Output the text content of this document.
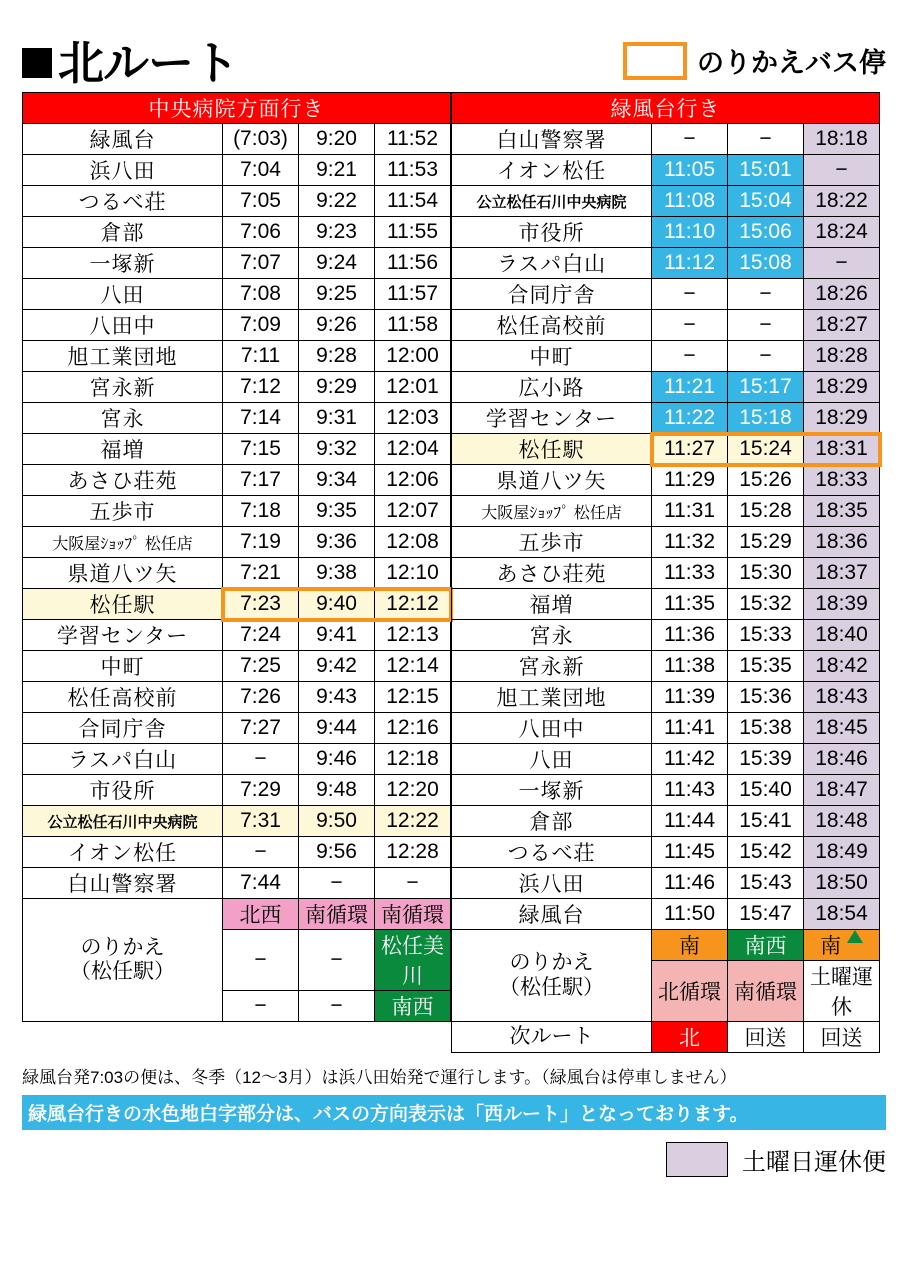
北ルート	のりかえバス停
中央病院方面行き			
緑風台	(7:03)	9:20	11:52
浜八田	7:04	9:21	11:53
つるべ荘	7:05	9:22	11:54
倉部	7:06	9:23	11:55
一塚新	7:07	9:24	11:56
八田	7:08	9:25	11:57
八田中	7:09	9:26	11:58
旭工業団地	7:11	9:28	12:00
宮永新	7:12	9:29	12:01
宮永	7:14	9:31	12:03
福増	7:15	9:32	12:04
あさひ荘苑	7:17	9:34	12:06
五歩市	7:18	9:35	12:07
大阪屋ｼｮｯﾌﾟ 松任店	7:19	9:36	12:08
県道八ツ矢	7:21	9:38	12:10
松任駅	7:23	9:40	12:12
学習センター	7:24	9:41	12:13
中町	7:25	9:42	12:14
松任高校前	7:26	9:43	12:15
合同庁舎	7:27	9:44	12:16
ラスパ白山	−	9:46	12:18
市役所	7:29	9:48	12:20
公立松任石川中央病院	7:31	9:50	12:22
イオン松任	−	9:56	12:28
白山警察署	7:44	−	−
のりかえ
（松任駅）	北西	南循環	南循環
	−	−	松任美川
	−	−	南西
緑風台行き			
白山警察署	−	−	18:18
イオン松任	11:05	15:01	−
公立松任石川中央病院	11:08	15:04	18:22
市役所	11:10	15:06	18:24
ラスパ白山	11:12	15:08	−
合同庁舎	−	−	18:26
松任高校前	−	−	18:27
中町	−	−	18:28
広小路	11:21	15:17	18:29
学習センター	11:22	15:18	18:29
松任駅	11:27	15:24	18:31
県道八ツ矢	11:29	15:26	18:33
大阪屋ｼｮｯﾌﾟ 松任店	11:31	15:28	18:35
五歩市	11:32	15:29	18:36
あさひ荘苑	11:33	15:30	18:37
福増	11:35	15:32	18:39
宮永	11:36	15:33	18:40
宮永新	11:38	15:35	18:42
旭工業団地	11:39	15:36	18:43
八田中	11:41	15:38	18:45
八田	11:42	15:39	18:46
一塚新	11:43	15:40	18:47
倉部	11:44	15:41	18:48
つるべ荘	11:45	15:42	18:49
浜八田	11:46	15:43	18:50
緑風台	11:50	15:47	18:54
のりかえ
（松任駅）	南	南西	南
	北循環	南循環	土曜運休
次ルート	北	回送	回送
緑風台発7:03の便は、冬季（12〜3月）は浜八田始発で運行します。（緑風台は停車しません）
緑風台行きの水色地白字部分は、バスの方向表示は「西ルート」となっております。
土曜日運休便
